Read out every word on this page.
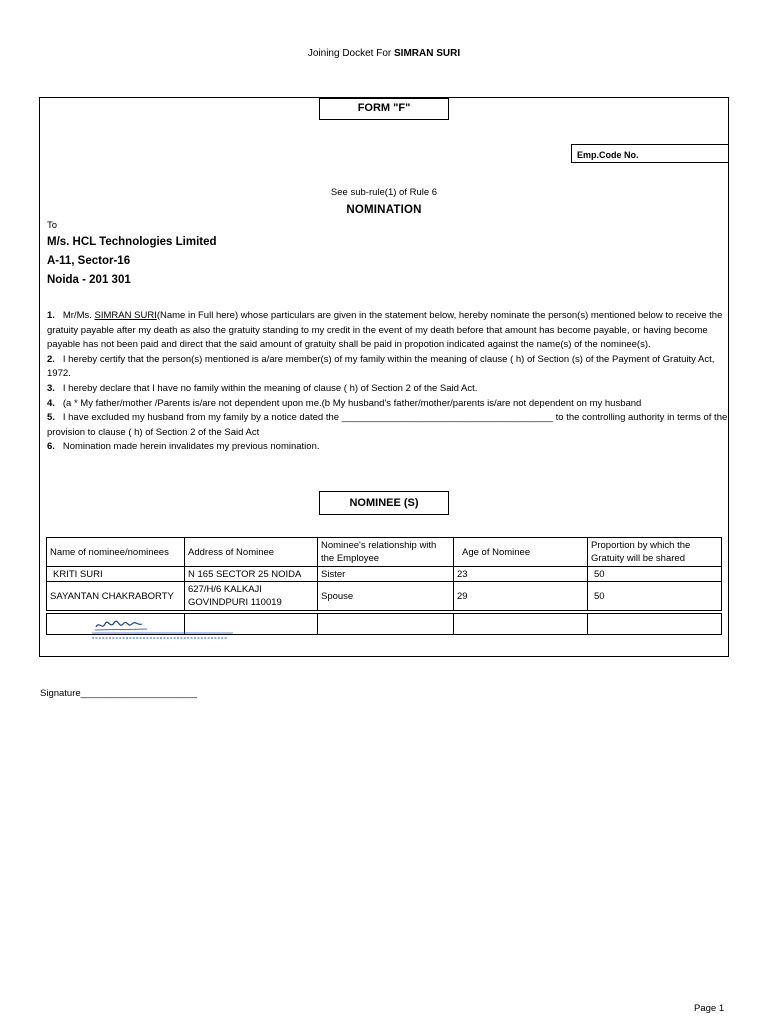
Joining Docket For SIMRAN SURI
FORM "F"
Emp.Code No.
See sub-rule(1) of Rule 6
NOMINATION
To
M/s. HCL Technologies Limited
A-11, Sector-16
Noida - 201 301

1. Mr/Ms. SIMRAN SURI(Name in Full here) whose particulars are given in the statement below, hereby nominate the person(s) mentioned below to receive the gratuity payable after my death as also the gratuity standing to my credit in the event of my death before that amount has become payable, or having become payable has not been paid and direct that the said amount of gratuity shall be paid in propotion indicated against the name(s) of the nominee(s).

2. I hereby certify that the person(s) mentioned is a/are member(s) of my family within the meaning of clause ( h) of Section (s) of the Payment of Gratuity Act, 1972.

3. I hereby declare that I have no family within the meaning of clause ( h) of Section 2 of the Said Act.

4. (a * My father/mother /Parents is/are not dependent upon me.(b My husband's father/mother/parents is/are not dependent on my husband

5. I have excluded my husband from my family by a notice dated the ________________________________________ to the controlling authority in terms of the provision to clause ( h) of Section 2 of the Said Act

6. Nomination made herein invalidates my previous nomination.

NOMINEE (S)
Name of nominee/nominees	Address of Nominee	Nominee's relationship with the Employee	Age of Nominee	Proportion by which the Gratuity will be shared
KRITI SURI	N 165 SECTOR 25 NOIDA	Sister	23	50
SAYANTAN CHAKRABORTY	627/H/6 KALKAJI GOVINDPURI 110019	Spouse	29	50

Signature______________________
Page 1
